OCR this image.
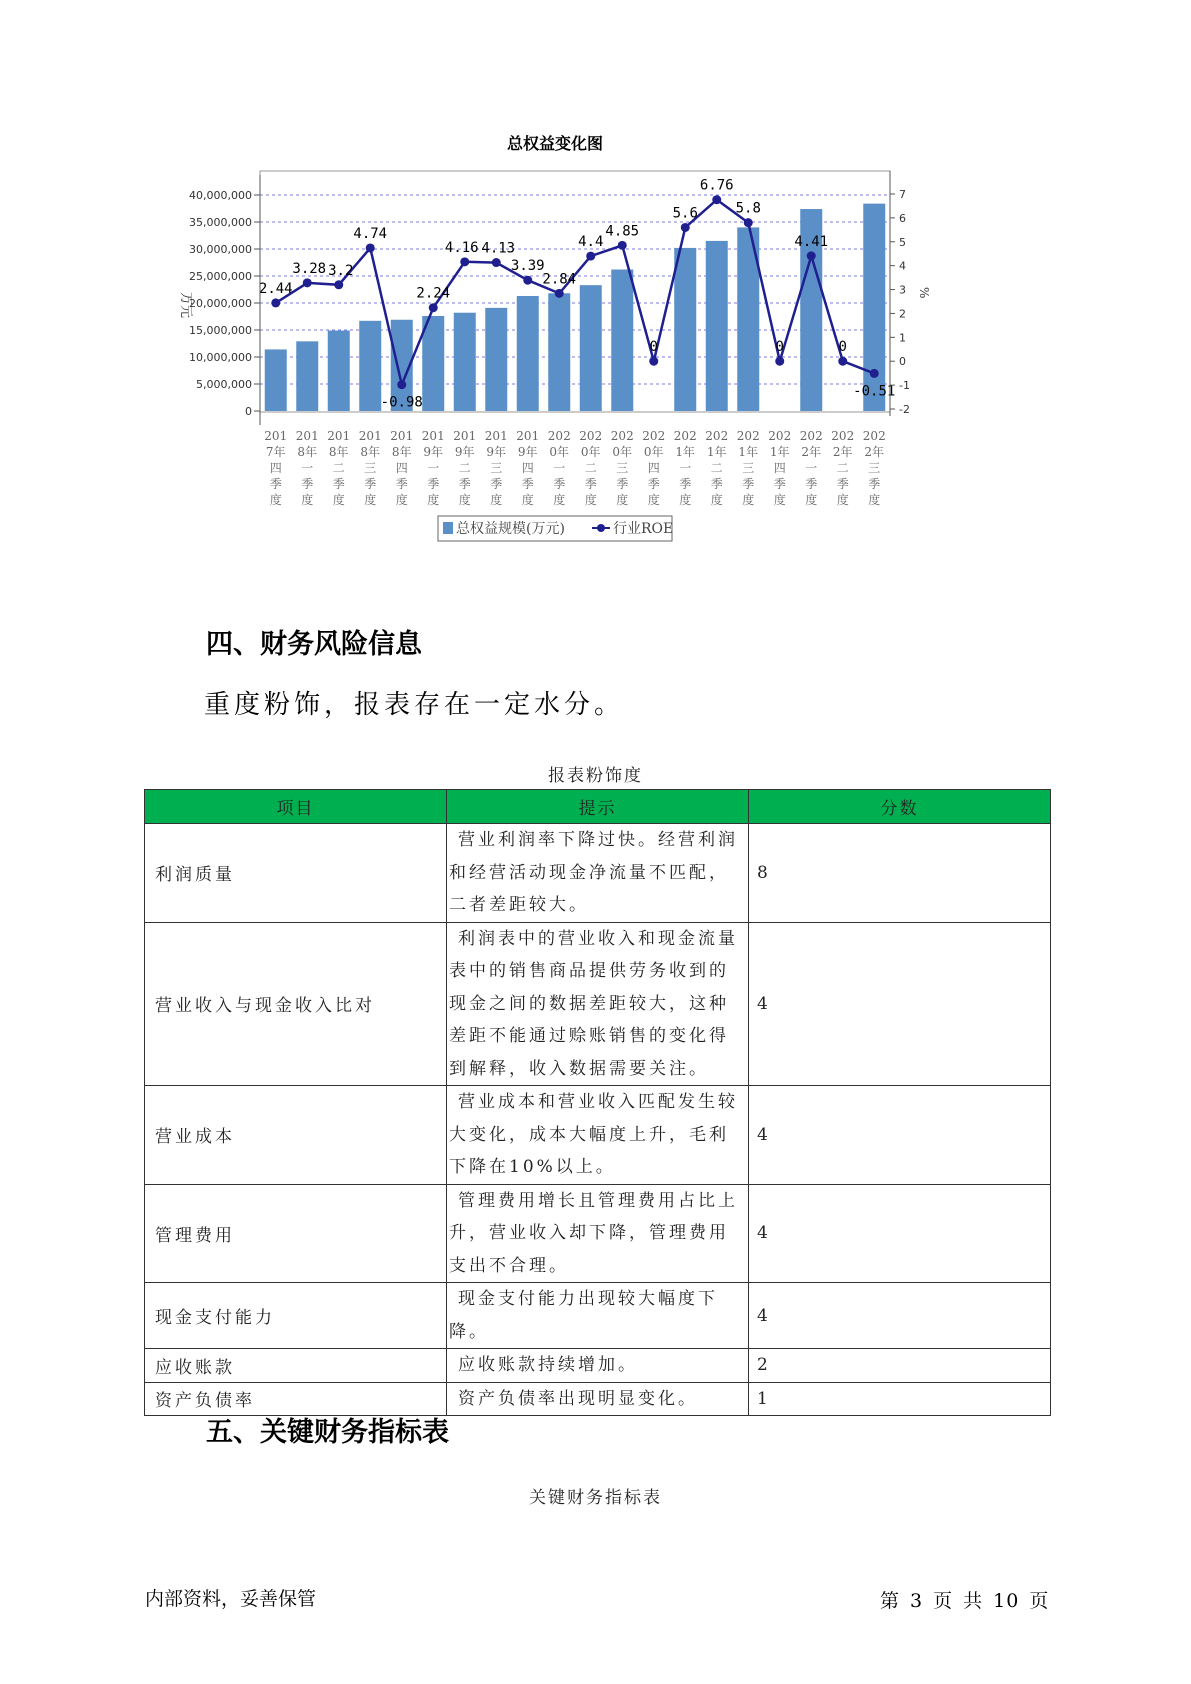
总权益变化图
2.44
3.28 3.2
4.74
-0.98
2.24
4.16 4.13
3.39
2.84
4.4
4.85
0
5.6
6.76
5.8
0
4.41
0
-0.51
0
5,000,000
10,000,000
15,000,000
20,000,000
25,000,000
30,000,000
35,000,000
40,000,000
-2
-1
0
1
2
3
4
5
6
7
万元	%
201
7年
四
季
度
201
8年
一
季
度
201
8年
二
季
度
201
8年
三
季
度
201
8年
四
季
度
201
9年
一
季
度
201
9年
二
季
度
201
9年
三
季
度
201
9年
四
季
度
202
0年
一
季
度
202
0年
二
季
度
202
0年
三
季
度
202
0年
四
季
度
202
1年
一
季
度
202
1年
二
季
度
202
1年
三
季
度
202
1年
四
季
度
202
2年
一
季
度
202
2年
二
季
度
202
2年
三
季
度
总权益规模(万元)	行业ROE
四、财务风险信息

重度粉饰，报表存在一定水分。

报表粉饰度
项目	提示	分数
利润质量	营业利润率下降过快。经营利润和经营活动现金净流量不匹配，二者差距较大。	8
营业收入与现金收入比对	利润表中的营业收入和现金流量表中的销售商品提供劳务收到的现金之间的数据差距较大，这种差距不能通过赊账销售的变化得到解释，收入数据需要关注。	4
营业成本	营业成本和营业收入匹配发生较大变化，成本大幅度上升，毛利下降在10%以上。	4
管理费用	管理费用增长且管理费用占比上升，营业收入却下降，管理费用支出不合理。	4
现金支付能力	现金支付能力出现较大幅度下降。	4
应收账款	应收账款持续增加。	2
资产负债率	资产负债率出现明显变化。	1
五、关键财务指标表
关键财务指标表
内部资料，妥善保管	第 3 页 共 10 页
